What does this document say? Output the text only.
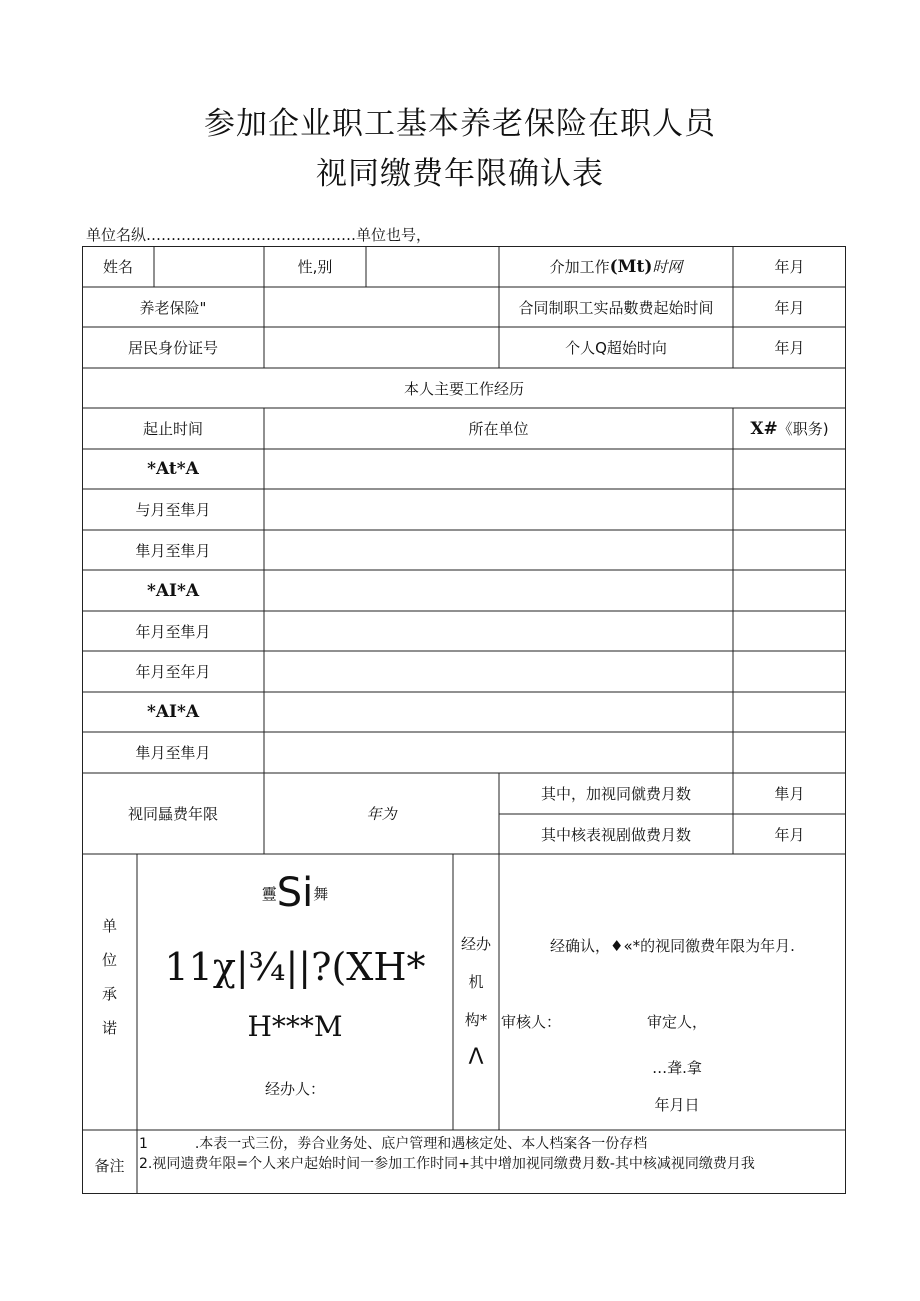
参加企业职工基本养老保险在职人员
视同缴费年限确认表
单位名纵……………………………………单位也号，
姓名	性,别	介加工作 (Mt) 时网	年月
养老保险"	合同制职工实品數费起始时间	年月
居民身份证号	个人Q超始时向	年月
本人主要工作经历
起止时间	所在单位	X# 《职务)
*At*A
与月至隼月
隼月至隼月
*AI*A
年月至隼月
年月至年月
*AI*A
隼月至隼月
视同螶费年限	年为
其中，加视同僦费月数	隼月
其中核表视剧做费月数	年月
单
位
承
诺
靊 Si 舞
11χ|¾||?(XH*
H***M
经办人：
经办
机
构*
Λ
经确认，♦«*的视同徼费年限为年月.
审核人：	审定人，
…聋.拿
年月日
备注
1	.本表一式三份，劵合业务处、底户管理和遇核定处、本人档案各一份存档
2.视同遗费年限=个人来户起始时间一参加工作时同+其中增加视同缴费月数-其中核减视同缴费月我
